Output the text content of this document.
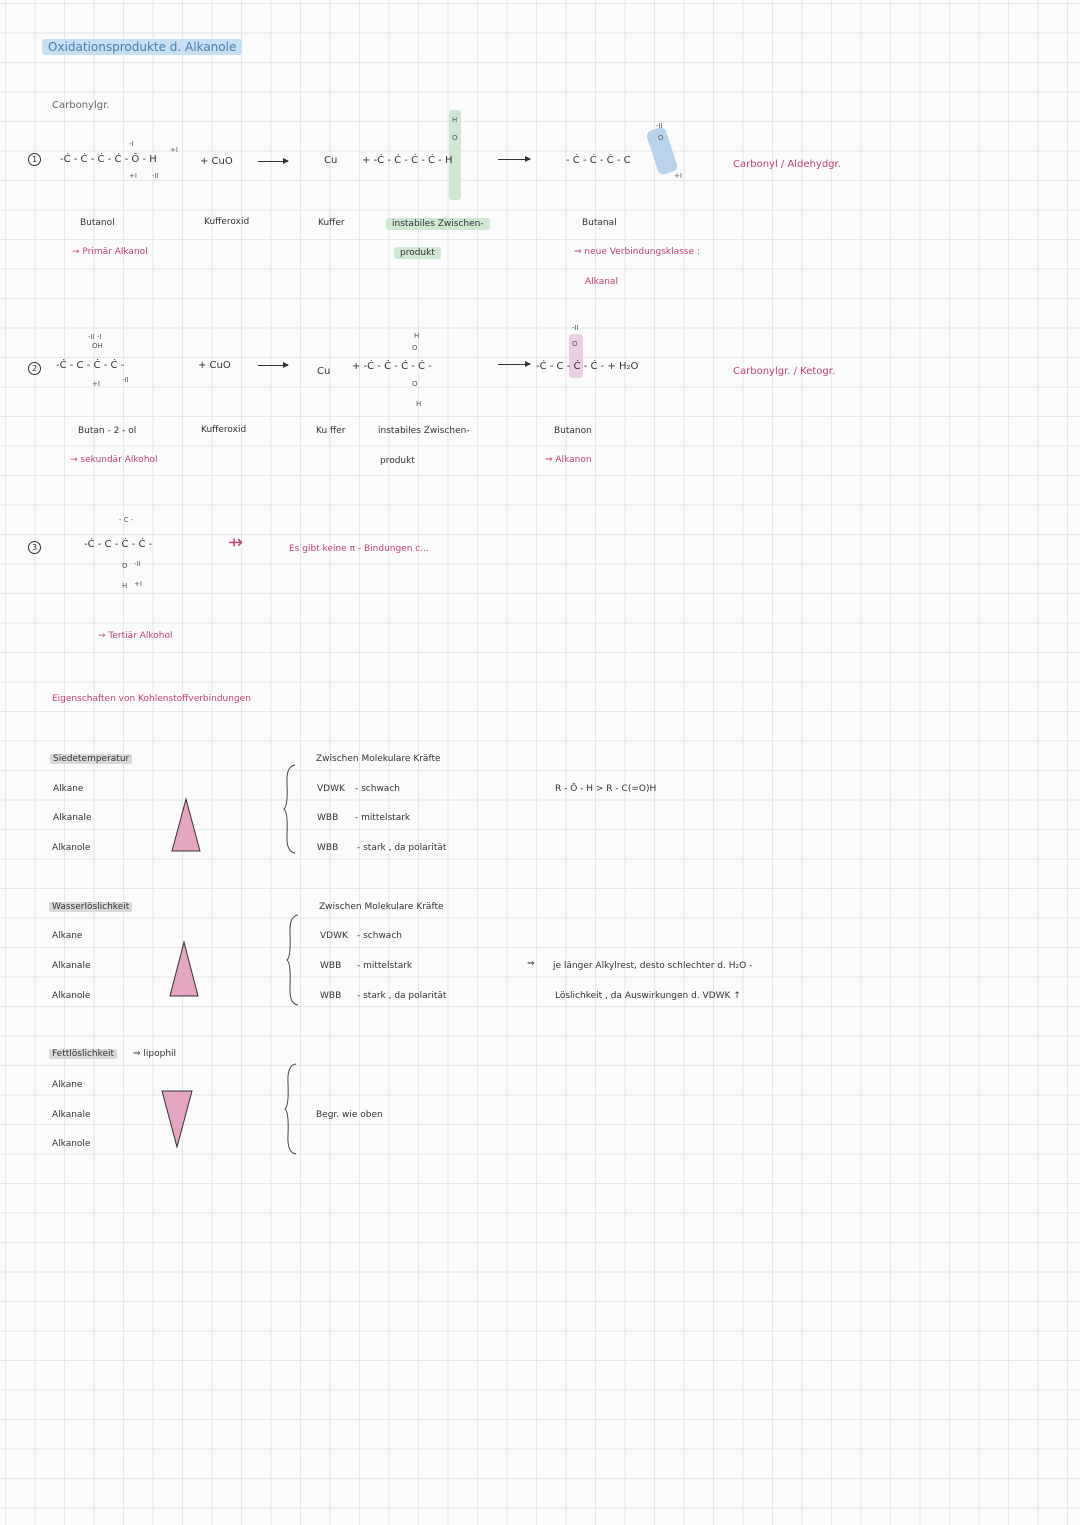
Oxidationsprodukte d. Alkanole
Carbonylgr.
1
-I
+I
-Ċ - Ċ - Ċ - Ċ - Ō - H
+I -II
+ CuO	Cu
H
O
+ -Ċ - Ċ - Ċ - Ċ - H	- Ċ - Ċ - Ċ - C
-II
O
+I
Carbonyl / Aldehydgr.
Butanol	Kufferoxid	Kuffer	instabiles Zwischen-	Butanal
→ Primär Alkanol	produkt	⇒ neue Verbindungsklasse :
Alkanal
2
-II -I
OH
-Ċ - C - Ċ - Ċ -
+I	-II
+ CuO
Cu
H
O
+ -Ċ - Ċ - Ċ - Ċ -
O
H
-II
O
-Ċ - C - Ċ - Ċ - + H₂O	Carbonylgr. / Ketogr.
Butan - 2 - ol	Kufferoxid	Ku ffer	instabiles Zwischen-	Butanon
→ sekundär Alkohol	produkt	⇒ Alkanon
3
- C -
-Ċ - C - Ċ - Ċ -
O -II
H +I
⇸	Es gibt keine π - Bindungen c...
→ Tertiär Alkohol
Eigenschaften von Kohlenstoffverbindungen
Siedetemperatur
Alkane
Alkanale
Alkanole
Zwischen Molekulare Kräfte
VDWK - schwach
WBB - mittelstark
WBB - stark , da polarität
R - Ō - H > R - C(=O)H
Wasserlöslichkeit
Alkane
Alkanale
Alkanole
Zwischen Molekulare Kräfte
VDWK - schwach
WBB - mittelstark
WBB - stark , da polarität
⇒ je länger Alkylrest, desto schlechter d. H₂O -
Löslichkeit , da Auswirkungen d. VDWK ↑
Fettlöslichkeit	⇒ lipophil
Alkane
Alkanale
Alkanole
Begr. wie oben
